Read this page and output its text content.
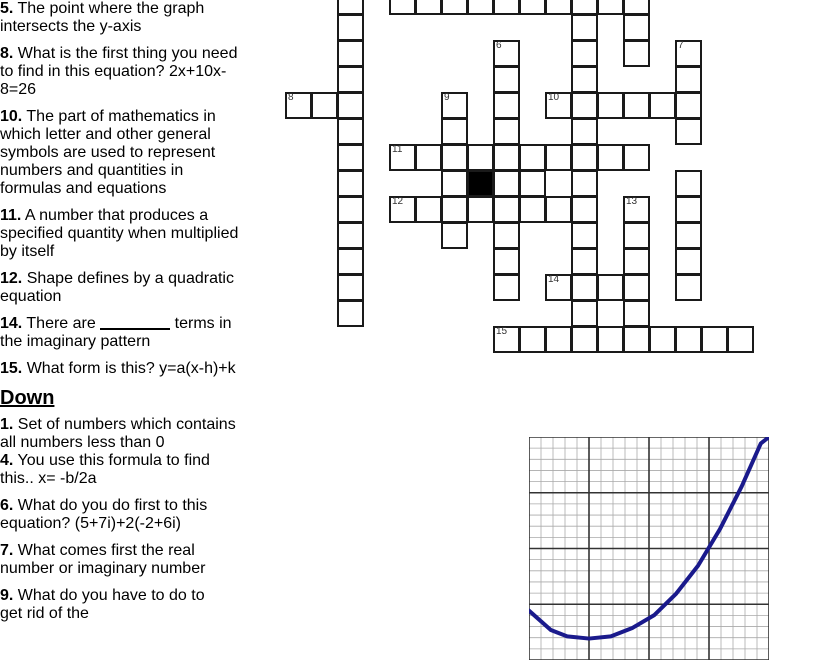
5. The point where the graph intersects the y-axis

8. What is the first thing you need to find in this equation? 2x+10x-8=26

10. The part of mathematics in which letter and other general symbols are used to represent numbers and quantities in formulas and equations

11. A number that produces a specified quantity when multiplied by itself

12. Shape defines by a quadratic equation

14. There are	terms in the imaginary pattern

15. What form is this? y=a(x-h)+k

Down

1. Set of numbers which contains all numbers less than 0

4. You use this formula to find this.. x= -b/2a

6. What do you do first to this equation? (5+7i)+2(-2+6i)

7. What comes first the real number or imaginary number

9. What do you have to do to get rid of the

8
6	7
9	10
11
12	13
14
15
